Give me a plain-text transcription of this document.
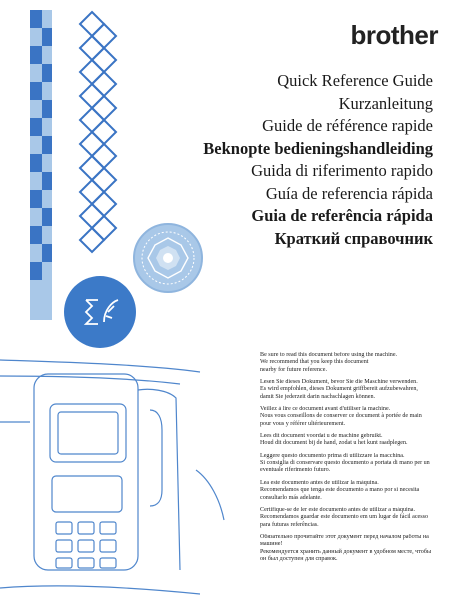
brother
Quick Reference Guide
Kurzanleitung
Guide de référence rapide
Beknopte bedieningshandleiding
Guida di riferimento rapido
Guía de referencia rápida
Guia de referência rápida
Краткий справочник

Be sure to read this document before using the machine.
We recommend that you keep this document
nearby for future reference.

Lesen Sie dieses Dokument, bevor Sie die Maschine verwenden.
Es wird empfohlen, dieses Dokument griffbereit aufzubewahren,
damit Sie jederzeit darin nachschlagen können.

Veillez à lire ce document avant d'utiliser la machine.
Nous vous conseillons de conserver ce document à portée de main
pour vous y référer ultérieurement.

Lees dit document voordat u de machine gebruikt.
Houd dit document bij de hand, zodat u het kunt raadplegen.

Leggere questo documento prima di utilizzare la macchina.
Si consiglia di conservare questo documento a portata di mano per un
eventuale riferimento futuro.

Lea este documento antes de utilizar la máquina.
Recomendamos que tenga este documento a mano por si necesita
consultarlo más adelante.

Certifique-se de ler este documento antes de utilizar a máquina.
Recomendamos guardar este documento em um lugar de fácil acesso
para futuras referências.

Обязательно прочитайте этот документ перед началом работы на
машине!
Рекомендуется хранить данный документ в удобном месте, чтобы
он был доступен для справок.
